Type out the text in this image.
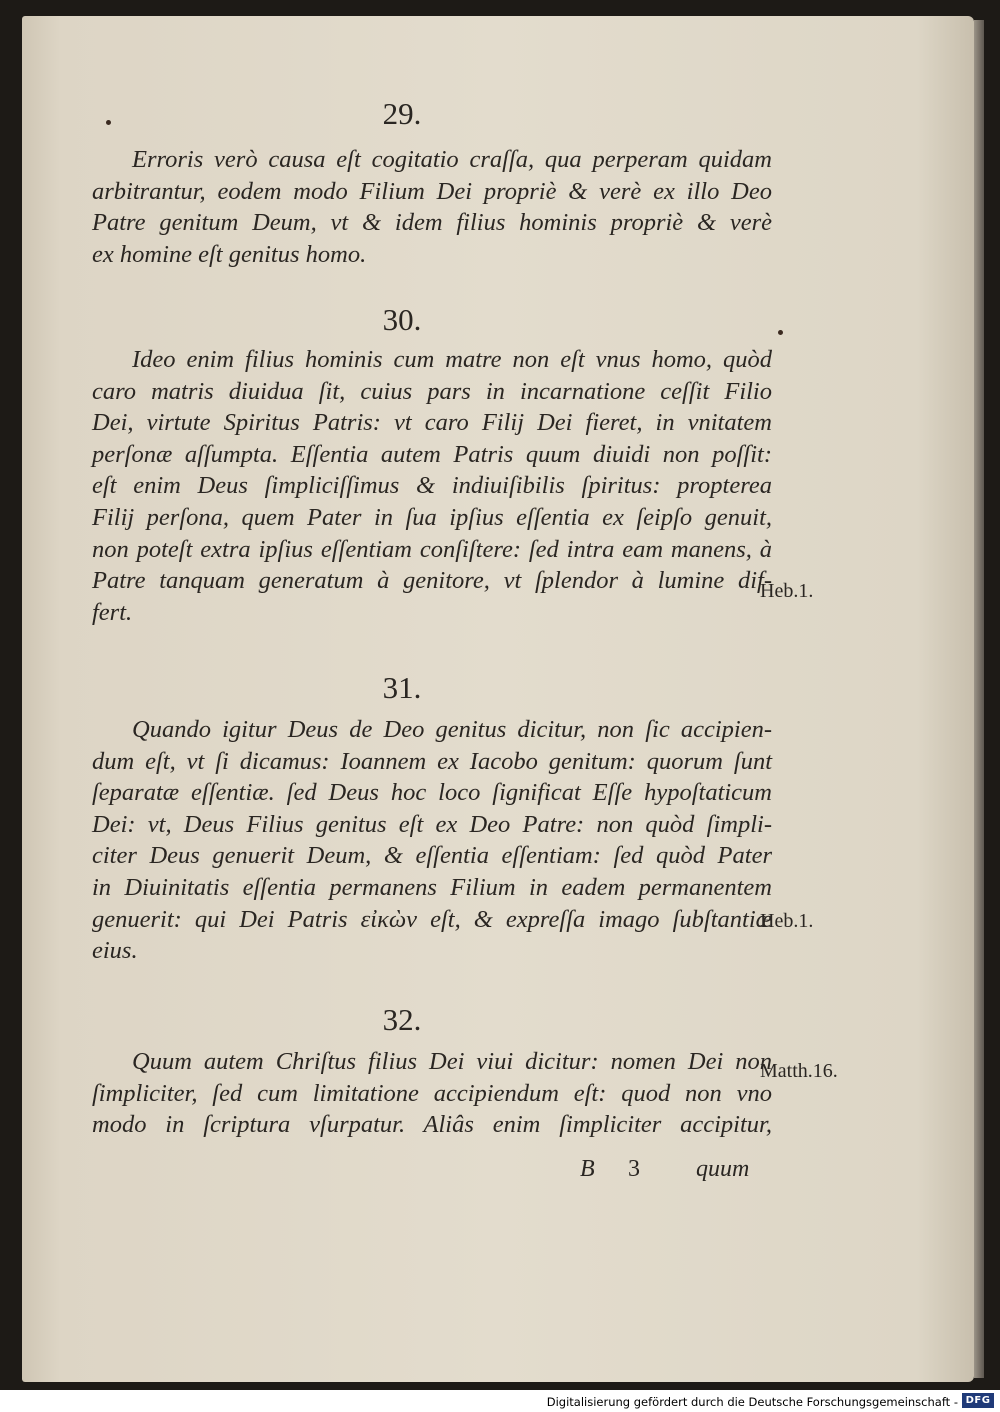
29.
Erroris verò causa eſt cogitatio craſſa, qua perperam quidam
arbitrantur, eodem modo Filium Dei propriè & verè ex illo Deo
Patre genitum Deum, vt & idem filius hominis propriè & verè
ex homine eſt genitus homo.
30.
Ideo enim filius hominis cum matre non eſt vnus homo, quòd
caro matris diuidua ſit, cuius pars in incarnatione ceſſit Filio
Dei, virtute Spiritus Patris: vt caro Filij Dei fieret, in vnitatem
perſonæ aſſumpta. Eſſentia autem Patris quum diuidi non poſſit:
eſt enim Deus ſimpliciſſimus & indiuiſibilis ſpiritus: propterea
Filij perſona, quem Pater in ſua ipſius eſſentia ex ſeipſo genuit,
non poteſt extra ipſius eſſentiam conſiſtere: ſed intra eam manens, à
Patre tanquam generatum à genitore, vt ſplendor à lumine dif-
fert.
Heb.1.
31.
Quando igitur Deus de Deo genitus dicitur, non ſic accipien-
dum eſt, vt ſi dicamus: Ioannem ex Iacobo genitum: quorum ſunt
ſeparatæ eſſentiæ. ſed Deus hoc loco ſignificat Eſſe hypoſtaticum
Dei: vt, Deus Filius genitus eſt ex Deo Patre: non quòd ſimpli-
citer Deus genuerit Deum, & eſſentia eſſentiam: ſed quòd Pater
in Diuinitatis eſſentia permanens Filium in eadem permanentem
genuerit: qui Dei Patris εἰκὼν eſt, & expreſſa imago ſubſtantiæ
eius.
Heb.1.
32.
Quum autem Chriſtus filius Dei viui dicitur: nomen Dei non
ſimpliciter, ſed cum limitatione accipiendum eſt: quod non vno
modo in ſcriptura vſurpatur. Aliâs enim ſimpliciter accipitur,
Matth.16.
B 3 quum
Digitalisierung gefördert durch die Deutsche Forschungsgemeinschaft - DFG
